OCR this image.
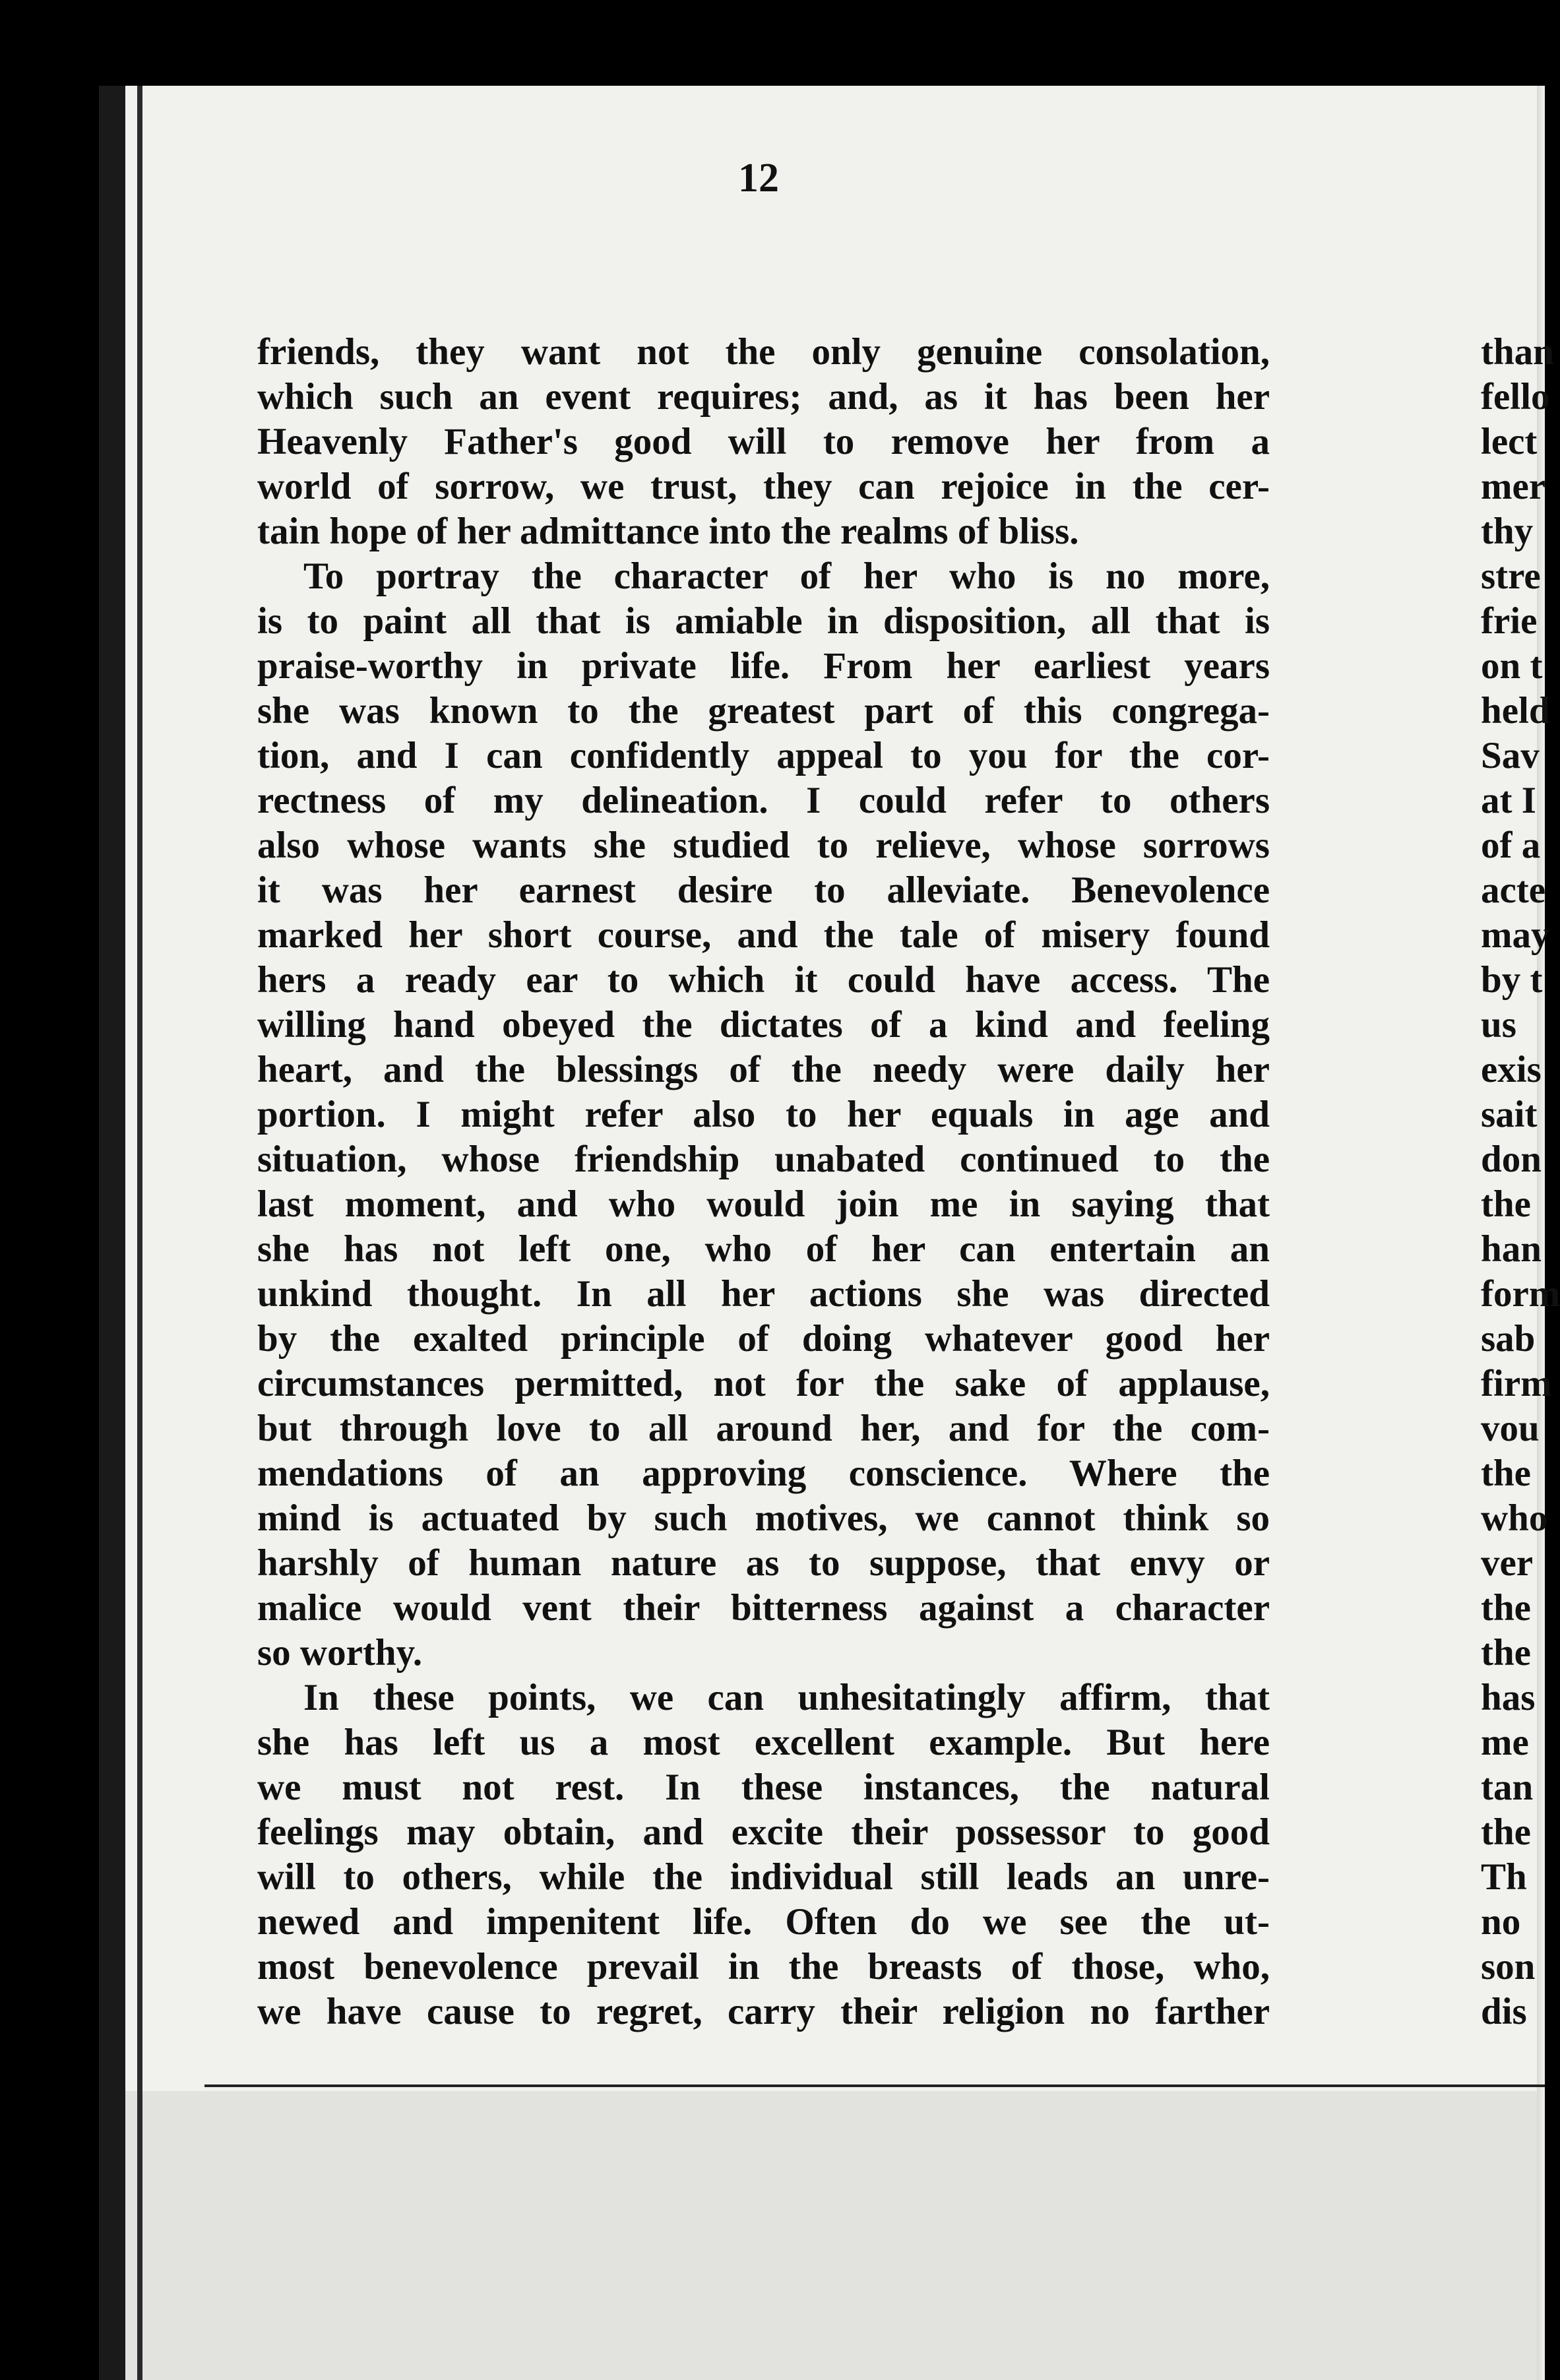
12
friends, they want not the only genuine consolation,
which such an event requires; and, as it has been her
Heavenly Father's good will to remove her from a
world of sorrow, we trust, they can rejoice in the cer-
tain hope of her admittance into the realms of bliss.
To portray the character of her who is no more,
is to paint all that is amiable in disposition, all that is
praise-worthy in private life. From her earliest years
she was known to the greatest part of this congrega-
tion, and I can confidently appeal to you for the cor-
rectness of my delineation. I could refer to others
also whose wants she studied to relieve, whose sorrows
it was her earnest desire to alleviate. Benevolence
marked her short course, and the tale of misery found
hers a ready ear to which it could have access. The
willing hand obeyed the dictates of a kind and feeling
heart, and the blessings of the needy were daily her
portion. I might refer also to her equals in age and
situation, whose friendship unabated continued to the
last moment, and who would join me in saying that
she has not left one, who of her can entertain an
unkind thought. In all her actions she was directed
by the exalted principle of doing whatever good her
circumstances permitted, not for the sake of applause,
but through love to all around her, and for the com-
mendations of an approving conscience. Where the
mind is actuated by such motives, we cannot think so
harshly of human nature as to suppose, that envy or
malice would vent their bitterness against a character
so worthy.
In these points, we can unhesitatingly affirm, that
she has left us a most excellent example. But here
we must not rest. In these instances, the natural
feelings may obtain, and excite their possessor to good
will to others, while the individual still leads an unre-
newed and impenitent life. Often do we see the ut-
most benevolence prevail in the breasts of those, who,
we have cause to regret, carry their religion no farther
than
fello
lect
mer
thy
stre
frie
on t
held
Sav
at I
of a
acte
may
by t
us
exis
sait
don
the
han
form
sab
firm
vou
the
who
ver
the
the
has
me
tan
the
Th
no
son
dis
